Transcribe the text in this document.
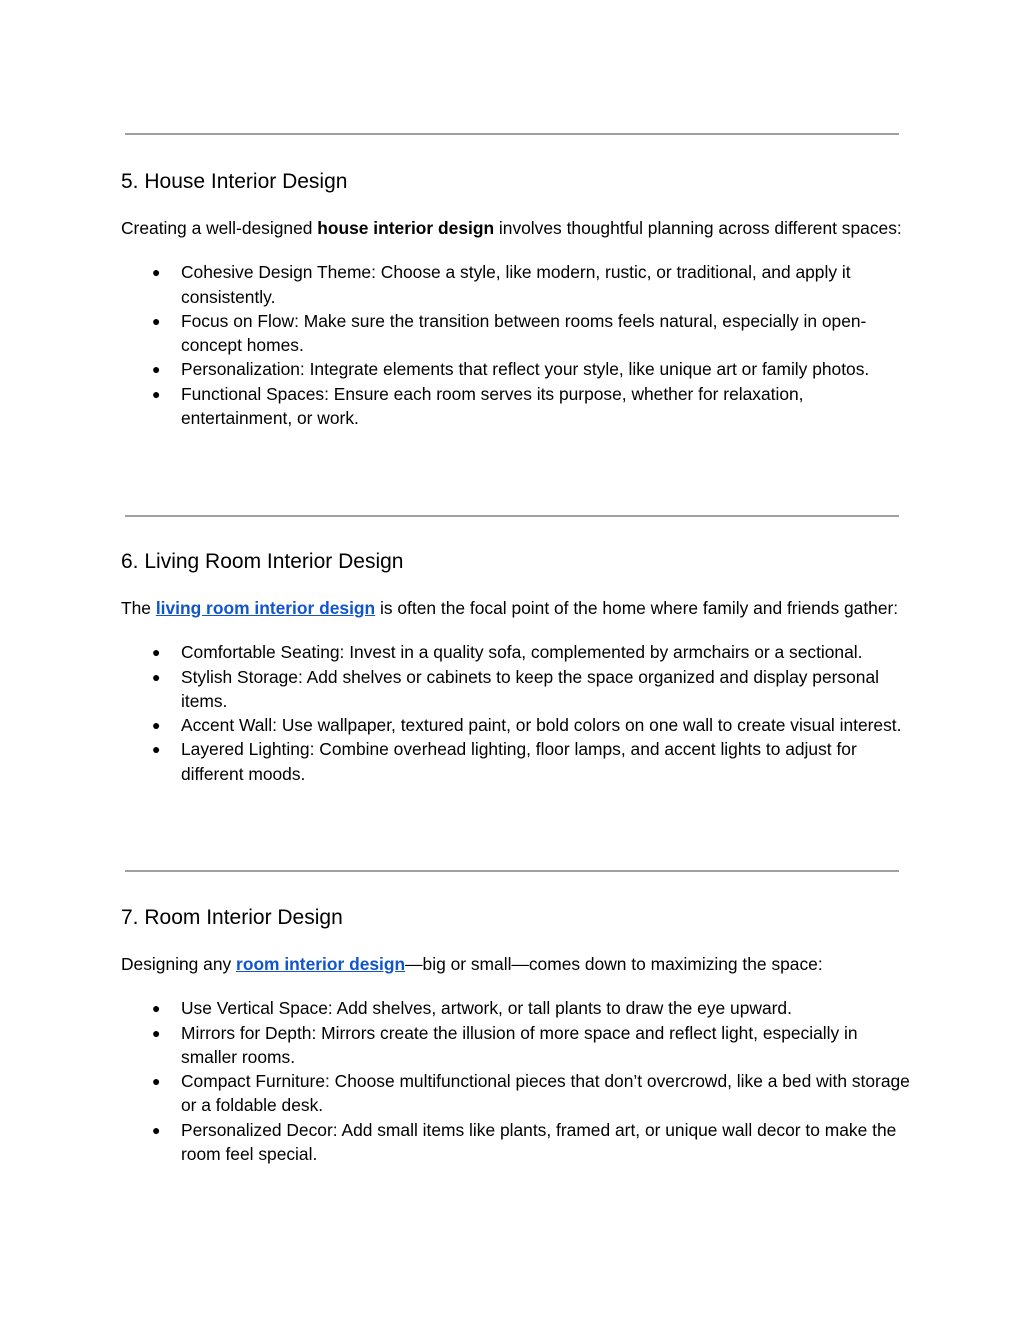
5. House Interior Design

Creating a well-designed house interior design involves thoughtful planning across different spaces:

● Cohesive Design Theme: Choose a style, like modern, rustic, or traditional, and apply it consistently.
● Focus on Flow: Make sure the transition between rooms feels natural, especially in open-concept homes.
● Personalization: Integrate elements that reflect your style, like unique art or family photos.
● Functional Spaces: Ensure each room serves its purpose, whether for relaxation, entertainment, or work.
6. Living Room Interior Design

The living room interior design is often the focal point of the home where family and friends gather:

● Comfortable Seating: Invest in a quality sofa, complemented by armchairs or a sectional.
● Stylish Storage: Add shelves or cabinets to keep the space organized and display personal items.
● Accent Wall: Use wallpaper, textured paint, or bold colors on one wall to create visual interest.
● Layered Lighting: Combine overhead lighting, floor lamps, and accent lights to adjust for different moods.
7. Room Interior Design

Designing any room interior design—big or small—comes down to maximizing the space:

● Use Vertical Space: Add shelves, artwork, or tall plants to draw the eye upward.
● Mirrors for Depth: Mirrors create the illusion of more space and reflect light, especially in smaller rooms.
● Compact Furniture: Choose multifunctional pieces that don’t overcrowd, like a bed with storage or a foldable desk.
● Personalized Decor: Add small items like plants, framed art, or unique wall decor to make the room feel special.
